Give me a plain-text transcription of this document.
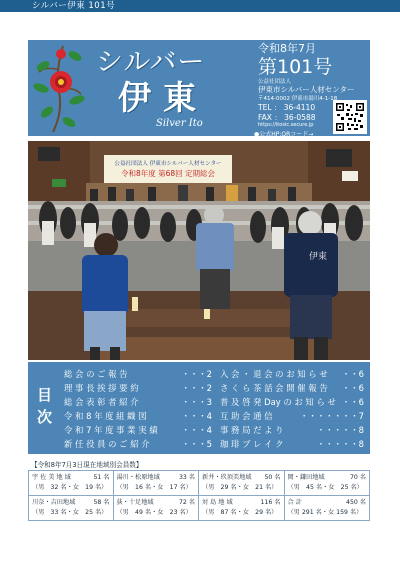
シルバー伊東 101号
シルバー
伊東
Silver Ito
令和8年7月
第101号
公益社団法人
伊東市シルバー人材センター
〒414-0002 伊東市湯川4-1-18
TEL ： 36-4110
FAX ： 36-0588
https://itosic.secure.jp
●公式HP:QRコード→
公益社団法人 伊東市シルバー人材センター
令和8年度 第68回 定期総会
伊東
目次
総 会 の ご 報 告	・・・2
理 事 長 挨 拶 要 約	・・・2
総 会 表 彰 者 紹 介	・・・3
令 和 8 年 度 組 織 図	・・・4
令 和 7 年 度 事 業 実 績	・・・4
新 任 役 員 の ご 紹 介	・・・5
入 会 ・ 退 会 の お 知 ら せ ・・6
さ く ら 茶 話 会 開 催 報 告 ・・6
普 及 啓 発 Day の お 知 ら せ ・・6
互 助 会 通 信	・・・・・・・7
事 務 局 だ よ り	・・・・・8
珈 琲 ブ レ イ ク	・・・・・8
【令和8年7月3日現在地域別会員数】
宇 佐 美 地 域	51 名
（男　32 名・女　19 名）
湯川・松原地域	33 名
（男　16 名・女　17 名）
新井・玖須美地域 50 名
（男　29 名・女　21 名）
岡・鎌田地域	70 名
（男　45 名・女　25 名）
川奈・吉田地域	58 名
（男　33 名・女　25 名）
荻・十足地域	72 名
（男　49 名・女　23 名）
対 島 地 域	116 名
（男　87 名・女　29 名）
合 計	450 名
（男 291 名・女 159 名）
